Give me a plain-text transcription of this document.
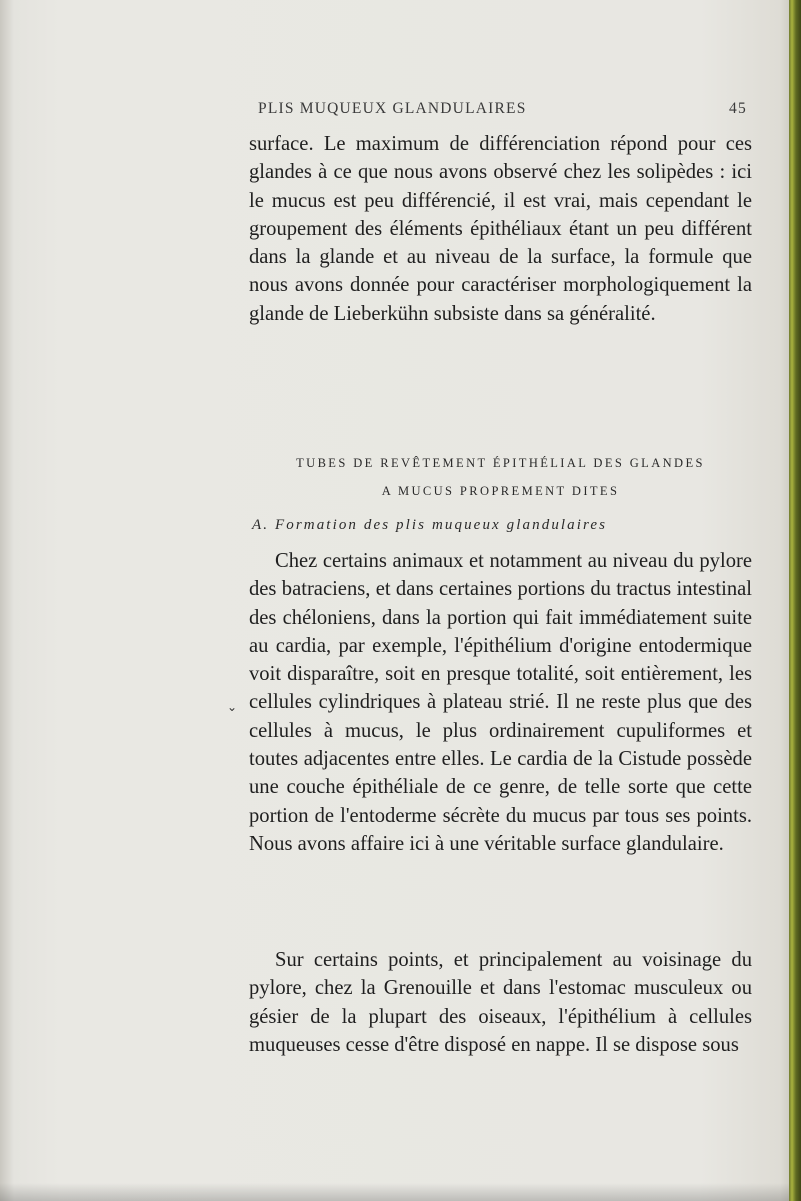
PLIS MUQUEUX GLANDULAIRES	45

surface. Le maximum de différenciation répond pour ces glandes à ce que nous avons observé chez les solipèdes : ici le mucus est peu différencié, il est vrai, mais cependant le groupement des éléments épithéliaux étant un peu différent dans la glande et au niveau de la surface, la formule que nous avons donnée pour caractériser morphologiquement la glande de Lieberkühn subsiste dans sa généralité.

TUBES DE REVÊTEMENT ÉPITHÉLIAL DES GLANDES

A MUCUS PROPREMENT DITES

A. Formation des plis muqueux glandulaires

Chez certains animaux et notamment au niveau du pylore des batraciens, et dans certaines portions du tractus intestinal des chéloniens, dans la portion qui fait immédiatement suite au cardia, par exemple, l'épithélium d'origine entodermique voit disparaître, soit en presque totalité, soit entièrement, les cellules cylindriques à plateau strié. Il ne reste plus que des cellules à mucus, le plus ordinairement cupuliformes et toutes adjacentes entre elles. Le cardia de la Cistude possède une couche épithéliale de ce genre, de telle sorte que cette portion de l'entoderme sécrète du mucus par tous ses points. Nous avons affaire ici à une véritable surface glandulaire.

⌄

Sur certains points, et principalement au voisinage du pylore, chez la Grenouille et dans l'estomac musculeux ou gésier de la plupart des oiseaux, l'épithélium à cellules muqueuses cesse d'être disposé en nappe. Il se dispose sous
